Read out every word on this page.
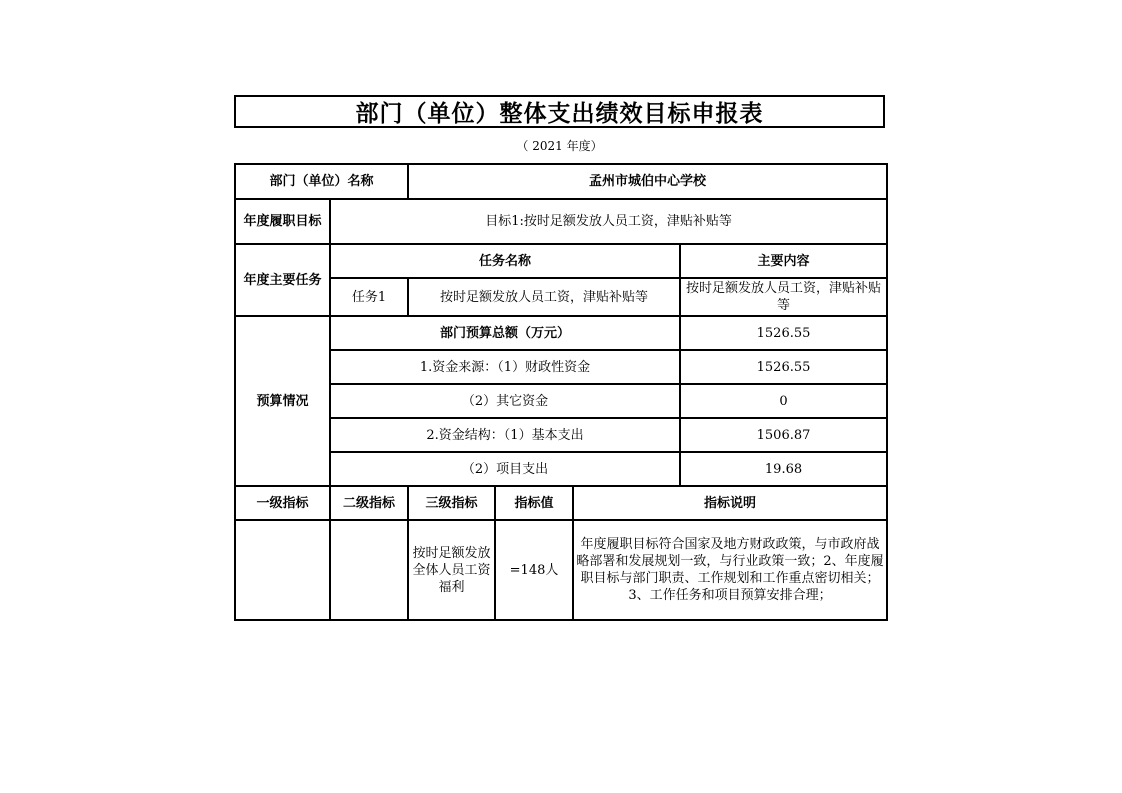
部门（单位）整体支出绩效目标申报表
（ 2021 年度）
部门（单位）名称		孟州市城伯中心学校			
年度履职目标	目标1:按时足额发放人员工资，津贴补贴等				
年度主要任务	任务名称				主要内容
	任务1	按时足额发放人员工资，津贴补贴等			按时足额发放人员工资，津贴补贴等
预算情况	部门预算总额（万元）				1526.55
	1.资金来源：（1）财政性资金				1526.55
	（2）其它资金				0
	2.资金结构：（1）基本支出				1506.87
	（2）项目支出				19.68
一级指标	二级指标	三级指标	指标值	指标说明	
		按时足额发放全体人员工资福利	=148人	年度履职目标符合国家及地方财政政策，与市政府战略部署和发展规划一致，与行业政策一致；2、年度履职目标与部门职责、工作规划和工作重点密切相关；3、工作任务和项目预算安排合理；	
